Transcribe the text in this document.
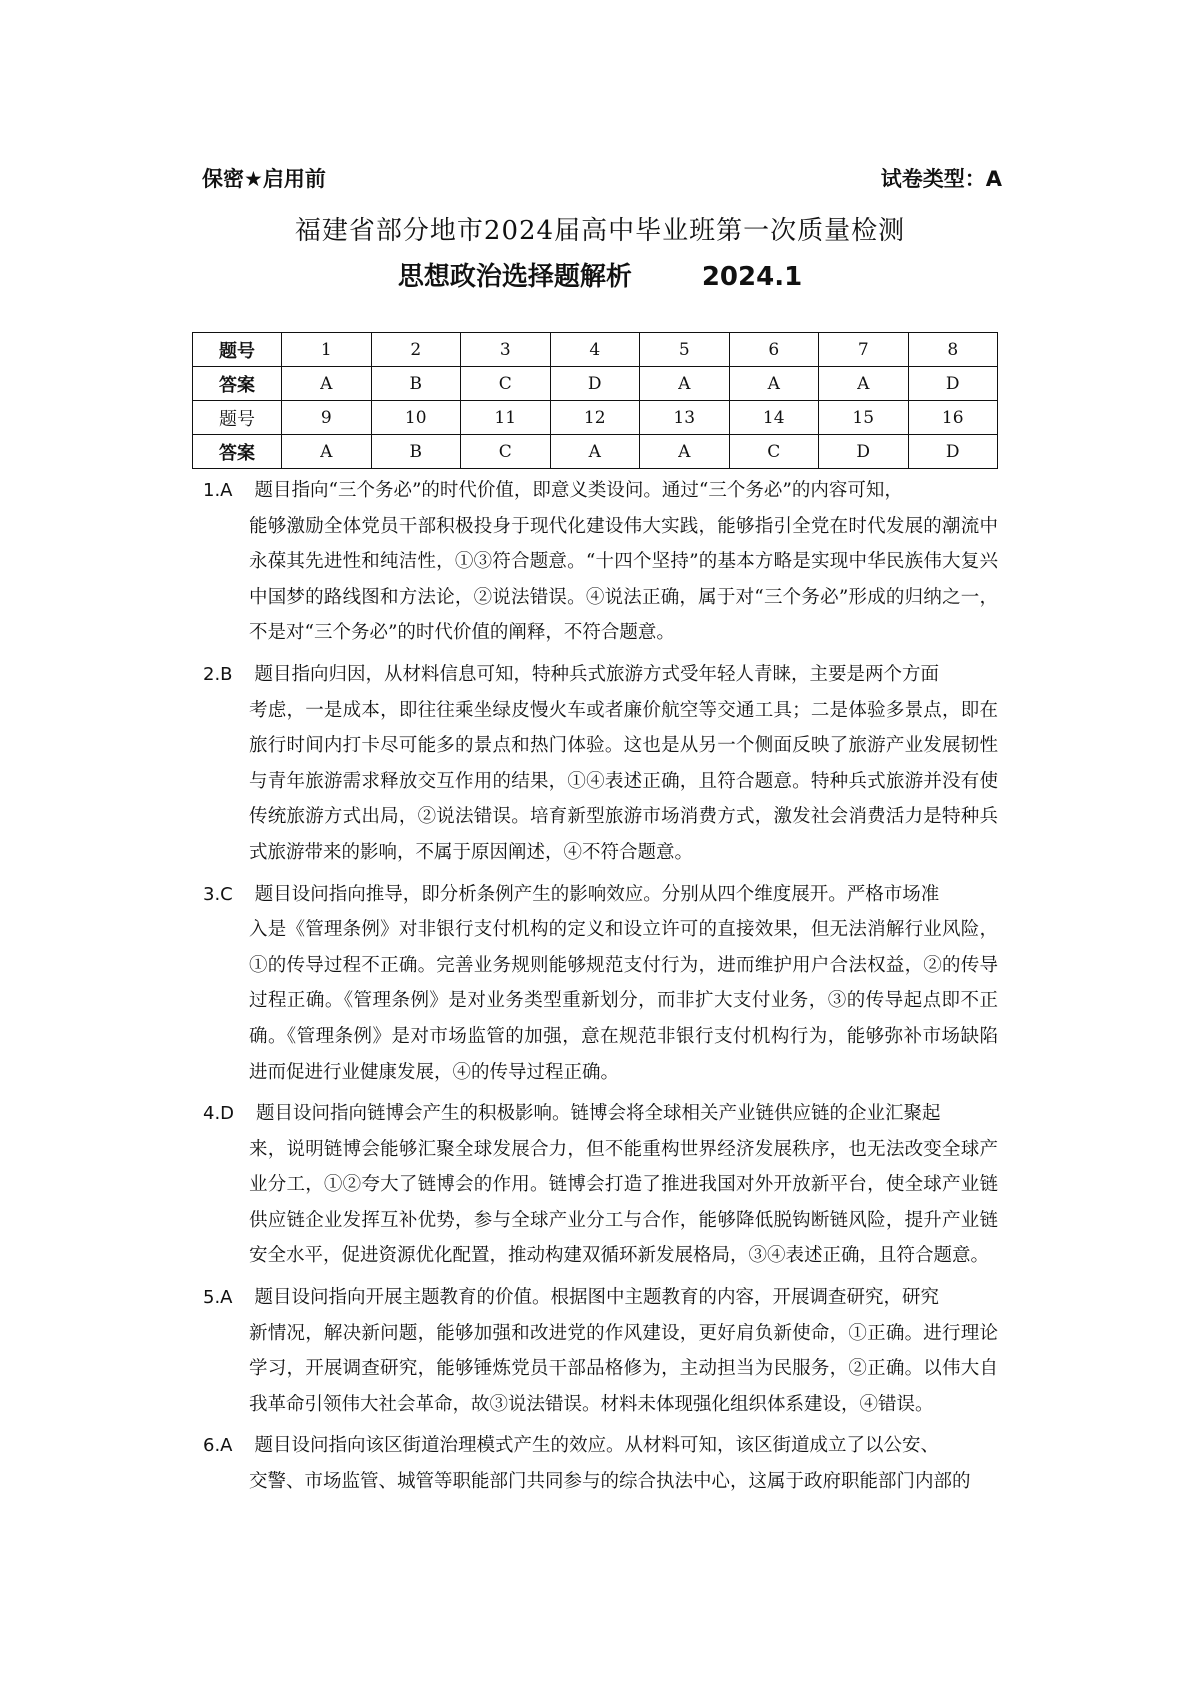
保密★启用前	试卷类型：A
福建省部分地市2024届高中毕业班第一次质量检测
思想政治选择题解析	2024.1
题号	1	2	3	4	5	6	7	8
答案	A	B	C	D	A	A	A	D
题号	9	10	11	12	13	14	15	16
答案	A	B	C	A	A	C	D	D
1.A 题目指向“三个务必”的时代价值，即意义类设问。通过“三个务必”的内容可知，
能够激励全体党员干部积极投身于现代化建设伟大实践，能够指引全党在时代发展的潮流中永葆其先进性和纯洁性，①③符合题意。“十四个坚持”的基本方略是实现中华民族伟大复兴中国梦的路线图和方法论，②说法错误。④说法正确，属于对“三个务必”形成的归纳之一，不是对“三个务必”的时代价值的阐释，不符合题意。
2.B 题目指向归因，从材料信息可知，特种兵式旅游方式受年轻人青睐，主要是两个方面
考虑，一是成本，即往往乘坐绿皮慢火车或者廉价航空等交通工具；二是体验多景点，即在旅行时间内打卡尽可能多的景点和热门体验。这也是从另一个侧面反映了旅游产业发展韧性与青年旅游需求释放交互作用的结果，①④表述正确，且符合题意。特种兵式旅游并没有使传统旅游方式出局，②说法错误。培育新型旅游市场消费方式，激发社会消费活力是特种兵式旅游带来的影响，不属于原因阐述，④不符合题意。
3.C 题目设问指向推导，即分析条例产生的影响效应。分别从四个维度展开。严格市场准
入是《管理条例》对非银行支付机构的定义和设立许可的直接效果，但无法消解行业风险，①的传导过程不正确。完善业务规则能够规范支付行为，进而维护用户合法权益，②的传导过程正确。《管理条例》是对业务类型重新划分，而非扩大支付业务，③的传导起点即不正确。《管理条例》是对市场监管的加强，意在规范非银行支付机构行为，能够弥补市场缺陷进而促进行业健康发展，④的传导过程正确。
4.D 题目设问指向链博会产生的积极影响。链博会将全球相关产业链供应链的企业汇聚起
来，说明链博会能够汇聚全球发展合力，但不能重构世界经济发展秩序，也无法改变全球产业分工，①②夸大了链博会的作用。链博会打造了推进我国对外开放新平台，使全球产业链供应链企业发挥互补优势，参与全球产业分工与合作，能够降低脱钩断链风险，提升产业链安全水平，促进资源优化配置，推动构建双循环新发展格局，③④表述正确，且符合题意。
5.A 题目设问指向开展主题教育的价值。根据图中主题教育的内容，开展调查研究，研究
新情况，解决新问题，能够加强和改进党的作风建设，更好肩负新使命，①正确。进行理论学习，开展调查研究，能够锤炼党员干部品格修为，主动担当为民服务，②正确。以伟大自我革命引领伟大社会革命，故③说法错误。材料未体现强化组织体系建设，④错误。
6.A 题目设问指向该区街道治理模式产生的效应。从材料可知，该区街道成立了以公安、
交警、市场监管、城管等职能部门共同参与的综合执法中心，这属于政府职能部门内部的
